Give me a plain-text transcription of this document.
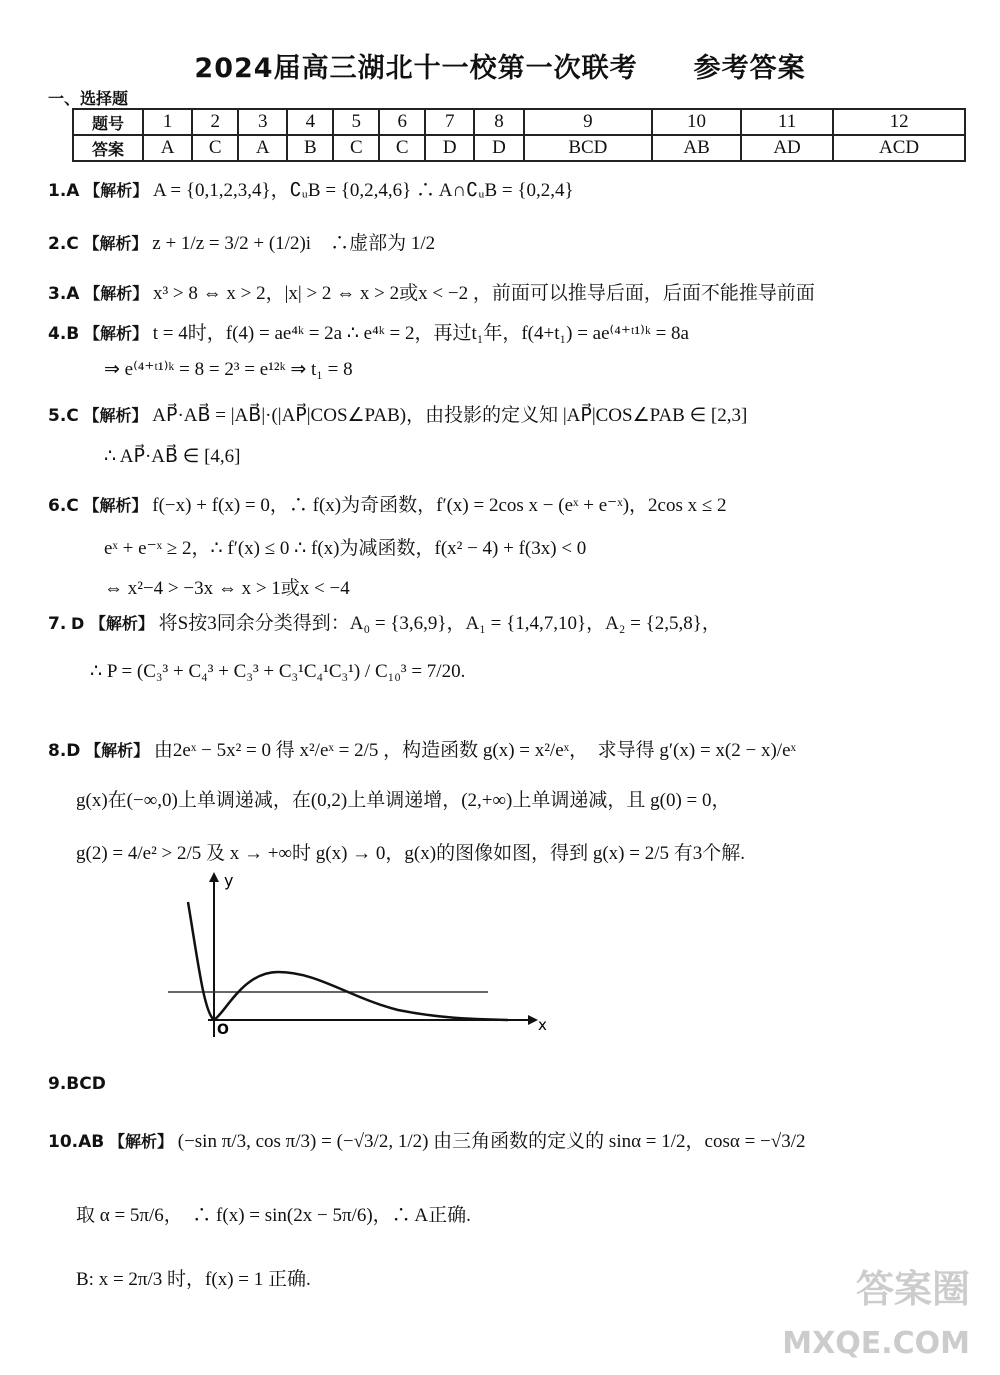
2024届高三湖北十一校第一次联考　　参考答案
一、选择题
题号	1	2	3	4	5	6	7	8	9	10	11	12
答案	A	C	A	B	C	C	D	D	BCD	AB	AD	ACD
1.A 【解析】 A = {0,1,2,3,4}，∁ᵤB = {0,2,4,6} ∴ A∩∁ᵤB = {0,2,4}
2.C 【解析】 z + 1/z = 3/2 + (1/2)i　∴虚部为 1/2
3.A 【解析】 x³ > 8 ⇔ x > 2，|x| > 2 ⇔ x > 2或x < −2 ，前面可以推导后面，后面不能推导前面
4.B 【解析】 t = 4时，f(4) = ae⁴ᵏ = 2a ∴ e⁴ᵏ = 2，再过t₁年，f(4+t₁) = ae⁽⁴⁺ᵗ¹⁾ᵏ = 8a
⇒ e⁽⁴⁺ᵗ¹⁾ᵏ = 8 = 2³ = e¹²ᵏ ⇒ t₁ = 8
5.C 【解析】 AP⃗·AB⃗ = |AB⃗|·(|AP⃗|COS∠PAB)，由投影的定义知 |AP⃗|COS∠PAB ∈ [2,3]
∴ AP⃗·AB⃗ ∈ [4,6]
6.C 【解析】 f(−x) + f(x) = 0，∴ f(x)为奇函数，f′(x) = 2cos x − (eˣ + e⁻ˣ)，2cos x ≤ 2
eˣ + e⁻ˣ ≥ 2，∴ f′(x) ≤ 0 ∴ f(x)为减函数，f(x² − 4) + f(3x) < 0
⇔ x²−4 > −3x ⇔ x > 1或x < −4
7. D 【解析】 将S按3同余分类得到：A₀ = {3,6,9}，A₁ = {1,4,7,10}，A₂ = {2,5,8}，
∴ P = (C₃³ + C₄³ + C₃³ + C₃¹C₄¹C₃¹) / C₁₀³ = 7/20.
8.D 【解析】 由2eˣ − 5x² = 0 得 x²/eˣ = 2/5 ，构造函数 g(x) = x²/eˣ，　求导得 g′(x) = x(2 − x)/eˣ
g(x)在(−∞,0)上单调递减，在(0,2)上单调递增，(2,+∞)上单调递减，且 g(0) = 0，
g(2) = 4/e² > 2/5 及 x → +∞时 g(x) → 0，g(x)的图像如图，得到 g(x) = 2/5 有3个解.
y
x
O
9.BCD
10.AB 【解析】 (−sin π/3, cos π/3) = (−√3/2, 1/2) 由三角函数的定义的 sinα = 1/2，cosα = −√3/2
取 α = 5π/6，　∴ f(x) = sin(2x − 5π/6)，∴ A正确.
B: x = 2π/3 时，f(x) = 1 正确.	答案圈
MXQE.COM
